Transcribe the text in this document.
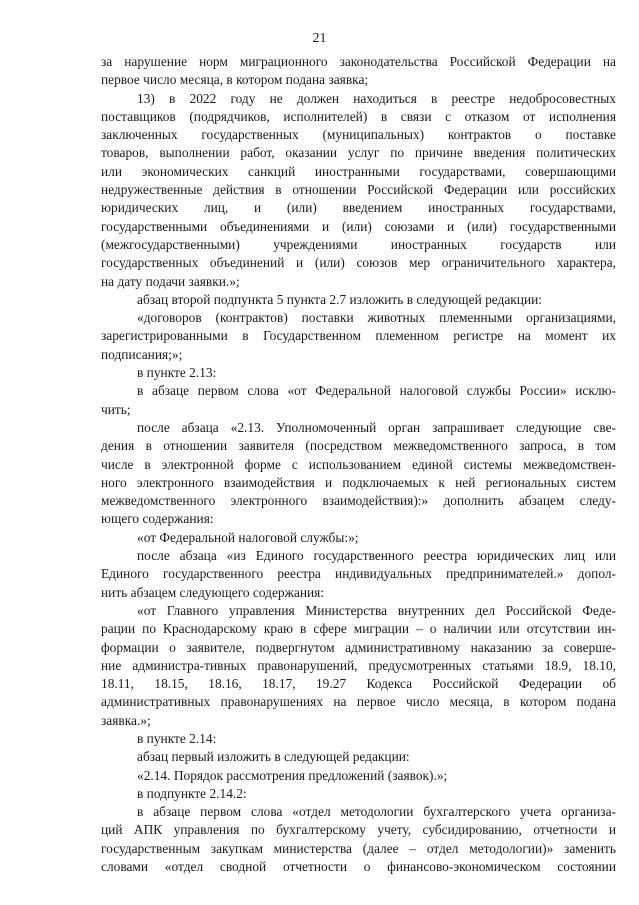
21
за нарушение норм миграционного законодательства Российской Федерации на
первое число месяца, в котором подана заявка;
13) в 2022 году не должен находиться в реестре недобросовестных
поставщиков (подрядчиков, исполнителей) в связи с отказом от исполнения
заключенных государственных (муниципальных) контрактов о поставке
товаров, выполнении работ, оказании услуг по причине введения политических
или экономических санкций иностранными государствами, совершающими
недружественные действия в отношении Российской Федерации или российских
юридических лиц, и (или) введением иностранных государствами,
государственными объединениями и (или) союзами и (или) государственными
(межгосударственными) учреждениями иностранных государств или
государственных объединений и (или) союзов мер ограничительного характера,
на дату подачи заявки.»;
абзац второй подпункта 5 пункта 2.7 изложить в следующей редакции:
«договоров (контрактов) поставки животных племенными организациями,
зарегистрированными в Государственном племенном регистре на момент их
подписания;»;
в пункте 2.13:
в абзаце первом слова «от Федеральной налоговой службы России» исклю-
чить;
после абзаца «2.13. Уполномоченный орган запрашивает следующие све-
дения в отношении заявителя (посредством межведомственного запроса, в том
числе в электронной форме с использованием единой системы межведомствен-
ного электронного взаимодействия и подключаемых к ней региональных систем
межведомственного электронного взаимодействия):» дополнить абзацем следу-
ющего содержания:
«от Федеральной налоговой службы:»;
после абзаца «из Единого государственного реестра юридических лиц или
Единого государственного реестра индивидуальных предпринимателей.» допол-
нить абзацем следующего содержания:
«от Главного управления Министерства внутренних дел Российской Феде-
рации по Краснодарскому краю в сфере миграции – о наличии или отсутствии ин-
формации о заявителе, подвергнутом административному наказанию за соверше-
ние администра-тивных правонарушений, предусмотренных статьями 18.9, 18.10,
18.11, 18.15, 18.16, 18.17, 19.27 Кодекса Российской Федерации об
административных правонарушениях на первое число месяца, в котором подана
заявка.»;
в пункте 2.14:
абзац первый изложить в следующей редакции:
«2.14. Порядок рассмотрения предложений (заявок).»;
в подпункте 2.14.2:
в абзаце первом слова «отдел методологии бухгалтерского учета организа-
ций АПК управления по бухгалтерскому учету, субсидированию, отчетности и
государственным закупкам министерства (далее – отдел методологии)» заменить
словами «отдел сводной отчетности о финансово-экономическом состоянии
